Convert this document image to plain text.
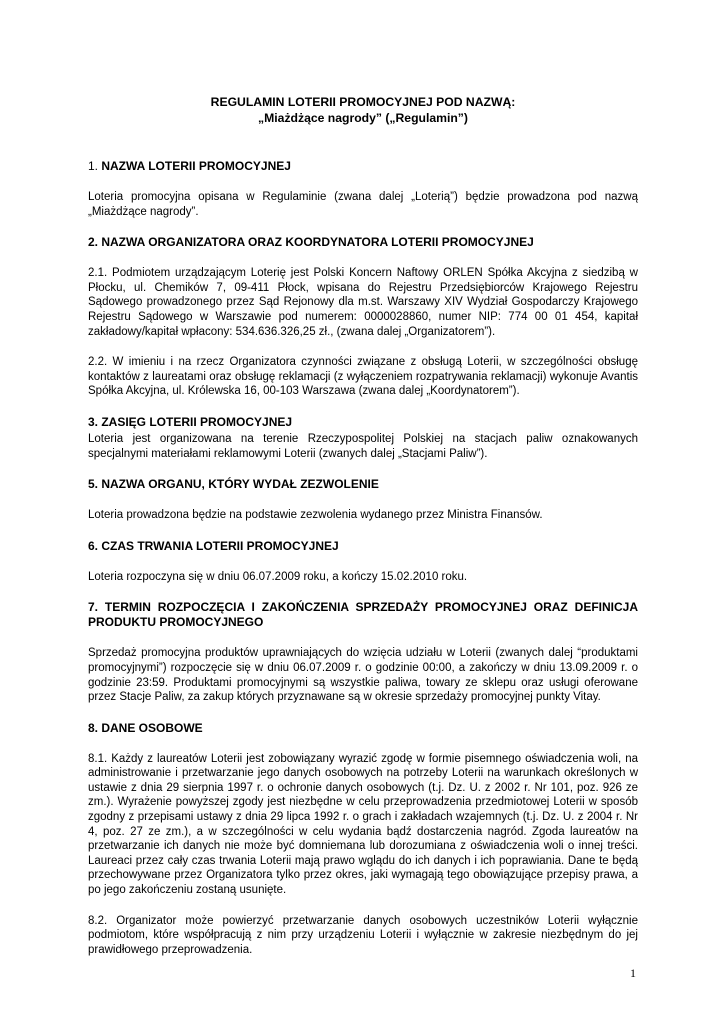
REGULAMIN LOTERII PROMOCYJNEJ POD NAZWĄ:
„Miażdżące nagrody” („Regulamin”)
1. NAZWA LOTERII PROMOCYJNEJ

Loteria promocyjna opisana w Regulaminie (zwana dalej „Loterią”) będzie prowadzona pod nazwą „Miażdżące nagrody”.

2. NAZWA ORGANIZATORA ORAZ KOORDYNATORA LOTERII PROMOCYJNEJ

2.1. Podmiotem urządzającym Loterię jest Polski Koncern Naftowy ORLEN Spółka Akcyjna z siedzibą w Płocku, ul. Chemików 7, 09-411 Płock, wpisana do Rejestru Przedsiębiorców Krajowego Rejestru Sądowego prowadzonego przez Sąd Rejonowy dla m.st. Warszawy XIV Wydział Gospodarczy Krajowego Rejestru Sądowego w Warszawie pod numerem: 0000028860, numer NIP: 774 00 01 454, kapitał zakładowy/kapitał wpłacony: 534.636.326,25 zł., (zwana dalej „Organizatorem”).

2.2. W imieniu i na rzecz Organizatora czynności związane z obsługą Loterii, w szczególności obsługę kontaktów z laureatami oraz obsługę reklamacji (z wyłączeniem rozpatrywania reklamacji) wykonuje Avantis Spółka Akcyjna, ul. Królewska 16, 00-103 Warszawa (zwana dalej „Koordynatorem”).

3. ZASIĘG LOTERII PROMOCYJNEJ

Loteria jest organizowana na terenie Rzeczypospolitej Polskiej na stacjach paliw oznakowanych specjalnymi materiałami reklamowymi Loterii (zwanych dalej „Stacjami Paliw”).

5. NAZWA ORGANU, KTÓRY WYDAŁ ZEZWOLENIE

Loteria prowadzona będzie na podstawie zezwolenia wydanego przez Ministra Finansów.

6. CZAS TRWANIA LOTERII PROMOCYJNEJ

Loteria rozpoczyna się w dniu 06.07.2009 roku, a kończy 15.02.2010 roku.

7. TERMIN ROZPOCZĘCIA I ZAKOŃCZENIA SPRZEDAŻY PROMOCYJNEJ ORAZ DEFINICJA PRODUKTU PROMOCYJNEGO

Sprzedaż promocyjna produktów uprawniających do wzięcia udziału w Loterii (zwanych dalej “produktami promocyjnymi”) rozpoczęcie się w dniu 06.07.2009 r. o godzinie 00:00, a zakończy w dniu 13.09.2009 r. o godzinie 23:59. Produktami promocyjnymi są wszystkie paliwa, towary ze sklepu oraz usługi oferowane przez Stacje Paliw, za zakup których przyznawane są w okresie sprzedaży promocyjnej punkty Vitay.

8. DANE OSOBOWE

8.1. Każdy z laureatów Loterii jest zobowiązany wyrazić zgodę w formie pisemnego oświadczenia woli, na administrowanie i przetwarzanie jego danych osobowych na potrzeby Loterii na warunkach określonych w ustawie z dnia 29 sierpnia 1997 r. o ochronie danych osobowych (t.j. Dz. U. z 2002 r. Nr 101, poz. 926 ze zm.). Wyrażenie powyższej zgody jest niezbędne w celu przeprowadzenia przedmiotowej Loterii w sposób zgodny z przepisami ustawy z dnia 29 lipca 1992 r. o grach i zakładach wzajemnych (t.j. Dz. U. z 2004 r. Nr 4, poz. 27 ze zm.), a w szczególności w celu wydania bądź dostarczenia nagród. Zgoda laureatów na przetwarzanie ich danych nie może być domniemana lub dorozumiana z oświadczenia woli o innej treści. Laureaci przez cały czas trwania Loterii mają prawo wglądu do ich danych i ich poprawiania. Dane te będą przechowywane przez Organizatora tylko przez okres, jaki wymagają tego obowiązujące przepisy prawa, a po jego zakończeniu zostaną usunięte.

8.2. Organizator może powierzyć przetwarzanie danych osobowych uczestników Loterii wyłącznie podmiotom, które współpracują z nim przy urządzeniu Loterii i wyłącznie w zakresie niezbędnym do jej prawidłowego przeprowadzenia.

1
